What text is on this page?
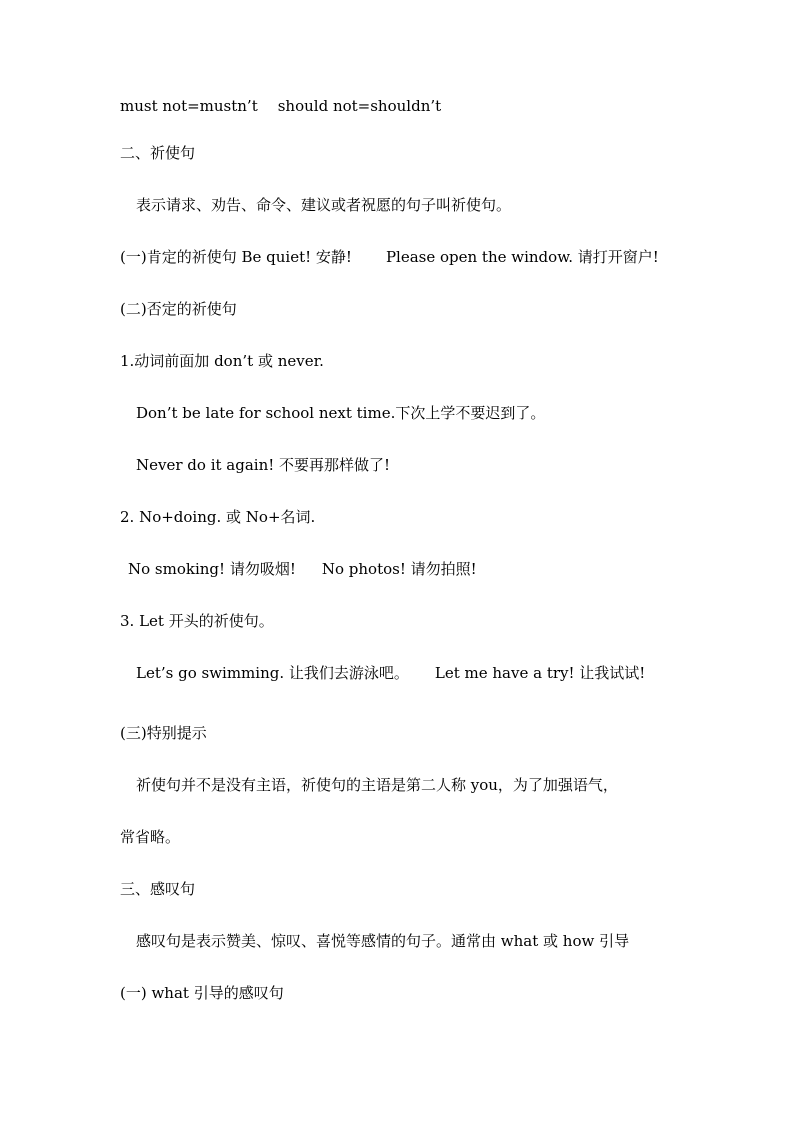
must not=mustn’t should not=shouldn’t
二、祈使句
表示请求、劝告、命令、建议或者祝愿的句子叫祈使句。
(一)肯定的祈使句 Be quiet! 安静! Please open the window. 请打开窗户!
(二)否定的祈使句
1.动词前面加 don’t 或 never.
Don’t be late for school next time.下次上学不要迟到了。
Never do it again! 不要再那样做了!
2. No+doing. 或 No+名词.
No smoking! 请勿吸烟! No photos! 请勿拍照!
3. Let 开头的祈使句。
Let’s go swimming. 让我们去游泳吧。 Let me have a try! 让我试试!
(三)特别提示
祈使句并不是没有主语，祈使句的主语是第二人称 you，为了加强语气，
常省略。
三、感叹句
感叹句是表示赞美、惊叹、喜悦等感情的句子。通常由 what 或 how 引导
(一) what 引导的感叹句
